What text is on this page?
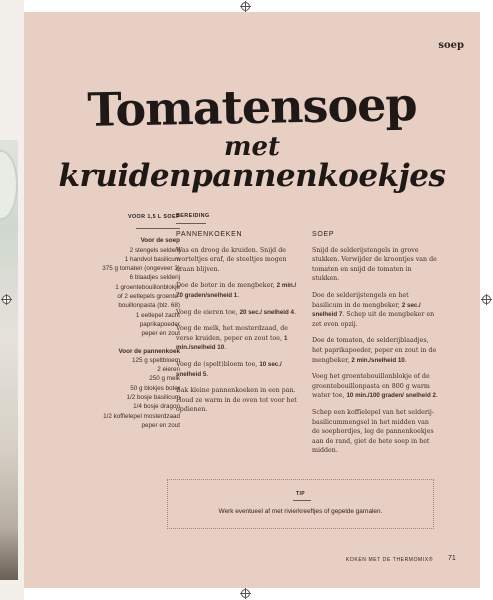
soep
Tomatensoep
met
kruidenpannenkoekjes
VOOR 1,5 L SOEP
Voor de soep
2 stengels selderij
1 handvol basilicum
375 g tomaten (ongeveer 3)
6 blaadjes selderij
1 groentebouillonblokje
of 2 eetlepels groente-
bouillonpasta (blz. 68)
1 eetlepel zacht
paprikapoeder
peper en zout
Voor de pannenkoek
125 g speltbloem
2 eieren
250 g melk
50 g blokjes boter
1/2 bosje basilicum
1/4 bosje dragon
1/2 koffielepel mosterdzaad
peper en zout
BEREIDING
PANNENKOEKEN

Was en droog de kruiden. Snijd de worteltjes eraf, de steeltjes mogen eraan blijven.

Doe de boter in de mengbeker, 2 min./ 70 graden/snelheid 1.

Voeg de eieren toe, 20 sec./ snelheid 4.

Voeg de melk, het mosterdzaad, de verse kruiden, peper en zout toe, 1 min./snelheid 10.

Voeg de (spelt)bloem toe, 10 sec./ snelheid 5.

Bak kleine pannenkoeken in een pan. Houd ze warm in de oven tot voor het opdienen.

SOEP

Snijd de selderijstengels in grove stukken. Verwijder de kroontjes van de tomaten en snijd de tomaten in stukken.

Doe de selderijstengels en het basilicum in de mengbeker, 2 sec./ snelheid 7. Schep uit de mengbeker en zet even opzij.

Doe de tomaten, de selderijblaadjes, het paprikapoeder, peper en zout in de mengbeker, 2 min./snelheid 10.

Voeg het groentebouillonblokje of de groentebouillonpasta en 800 g warm water toe, 10 min./100 graden/ snelheid 2.

Schep een koffielepel van het selderij-basilicummengsel in het midden van de soepbordjes, leg de pannenkoekjes aan de rand, giet de hete soep in het midden.

TIP
Werk eventueel af met rivierkreeftjes of gepelde garnalen.
KOKEN MET DE THERMOMIX® 71
